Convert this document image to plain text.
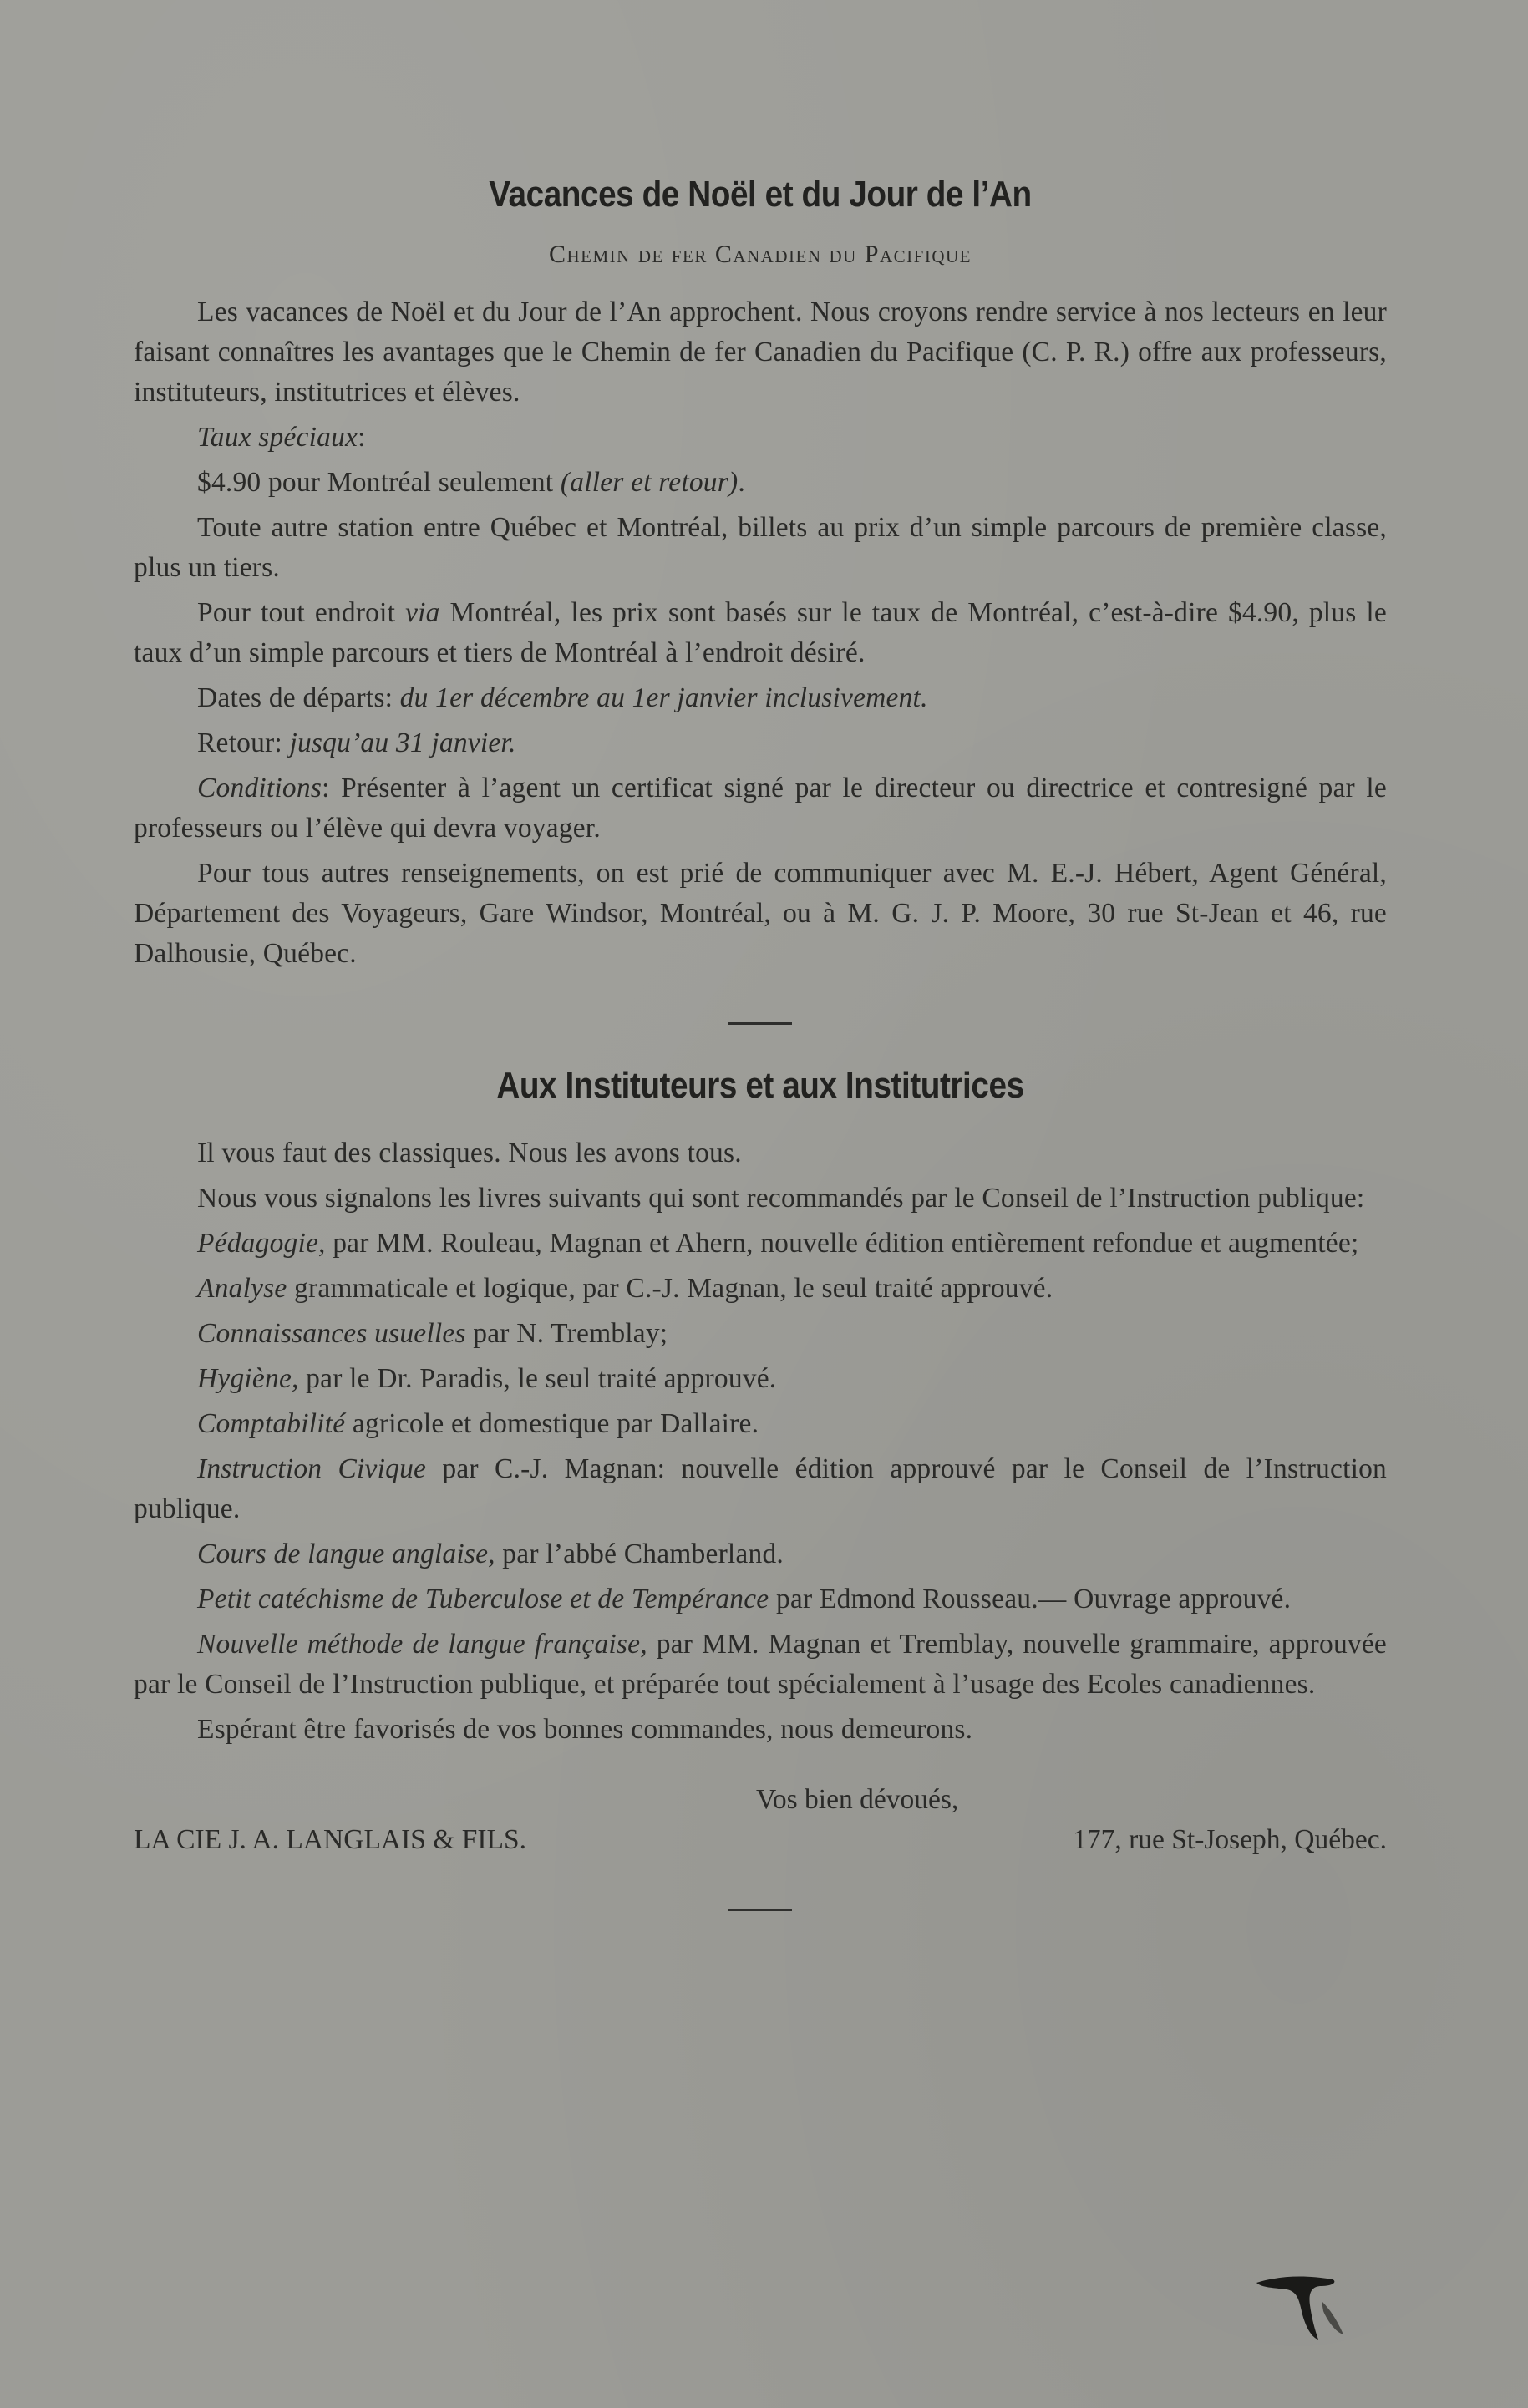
Vacances de Noël et du Jour de l’An
Chemin de fer Canadien du Pacifique

Les vacances de Noël et du Jour de l’An approchent. Nous croyons rendre service à nos lecteurs en leur faisant connaîtres les avantages que le Chemin de fer Canadien du Pacifique (C. P. R.) offre aux professeurs, instituteurs, institutrices et élèves.

Taux spéciaux:

$4.90 pour Montréal seulement (aller et retour).

Toute autre station entre Québec et Montréal, billets au prix d’un simple parcours de première classe, plus un tiers.

Pour tout endroit via Montréal, les prix sont basés sur le taux de Montréal, c’est-à-dire $4.90, plus le taux d’un simple parcours et tiers de Montréal à l’endroit désiré.

Dates de départs: du 1er décembre au 1er janvier inclusivement.

Retour: jusqu’au 31 janvier.

Conditions: Présenter à l’agent un certificat signé par le directeur ou directrice et contresigné par le professeurs ou l’élève qui devra voyager.

Pour tous autres renseignements, on est prié de communiquer avec M. E.-J. Hébert, Agent Général, Département des Voyageurs, Gare Windsor, Montréal, ou à M. G. J. P. Moore, 30 rue St-Jean et 46, rue Dalhousie, Québec.

Aux Instituteurs et aux Institutrices

Il vous faut des classiques. Nous les avons tous.

Nous vous signalons les livres suivants qui sont recommandés par le Conseil de l’Instruction publique:

Pédagogie, par MM. Rouleau, Magnan et Ahern, nouvelle édition entièrement refondue et augmentée;

Analyse grammaticale et logique, par C.-J. Magnan, le seul traité approuvé.

Connaissances usuelles par N. Tremblay;

Hygiène, par le Dr. Paradis, le seul traité approuvé.

Comptabilité agricole et domestique par Dallaire.

Instruction Civique par C.-J. Magnan: nouvelle édition approuvé par le Conseil de l’Instruction publique.

Cours de langue anglaise, par l’abbé Chamberland.

Petit catéchisme de Tuberculose et de Tempérance par Edmond Rousseau.— Ouvrage approuvé.

Nouvelle méthode de langue française, par MM. Magnan et Tremblay, nouvelle grammaire, approuvée par le Conseil de l’Instruction publique, et préparée tout spécialement à l’usage des Ecoles canadiennes.

Espérant être favorisés de vos bonnes commandes, nous demeurons.

Vos bien dévoués,
LA CIE J. A. LANGLAIS & FILS.	177, rue St-Joseph, Québec.
